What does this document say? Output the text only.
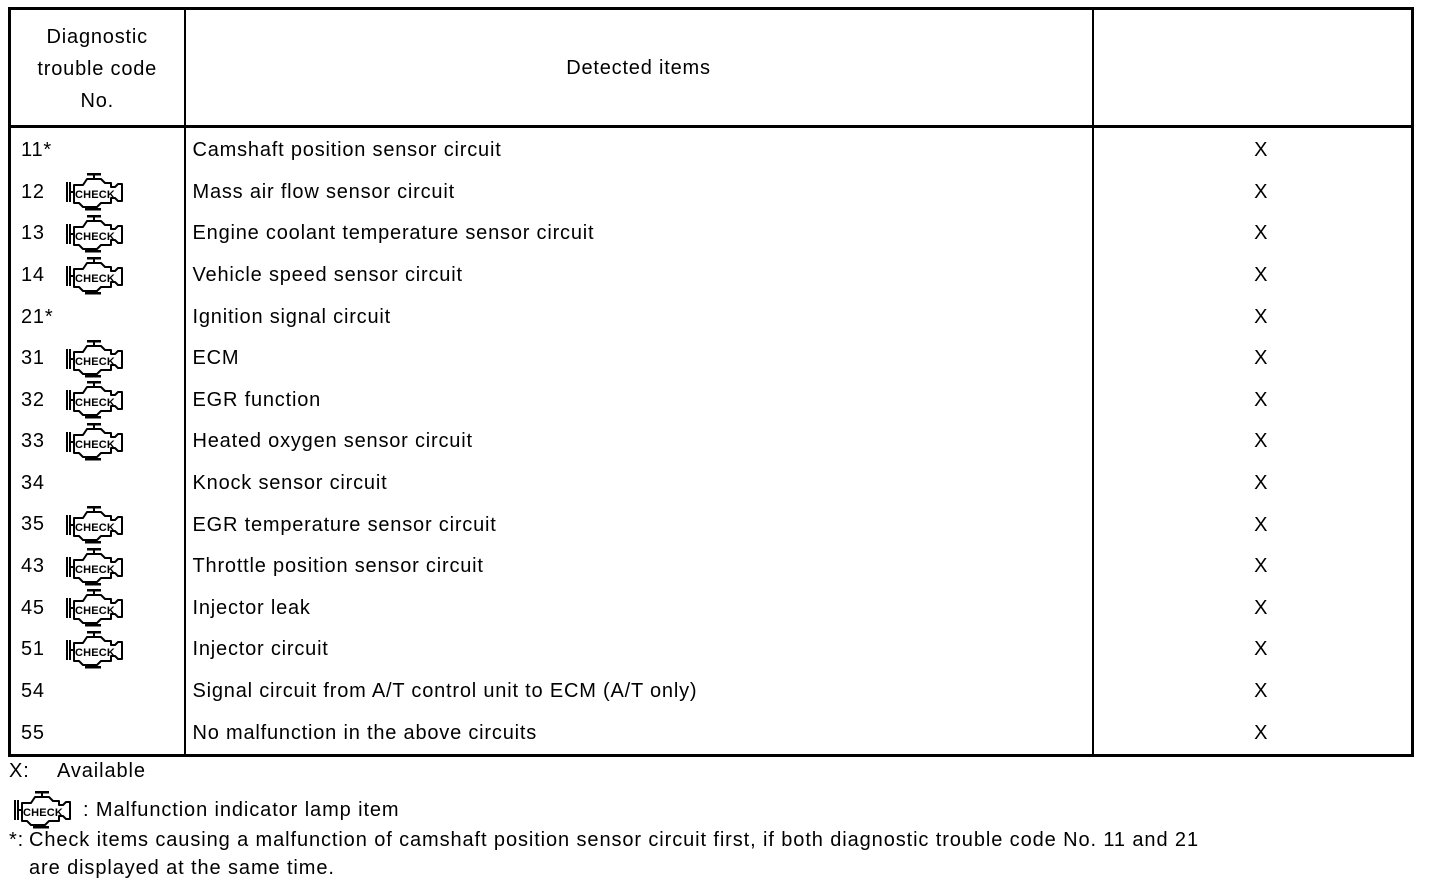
Diagnostic
trouble code
No.	Detected items	
11*	Camshaft position sensor circuit	X
12	Mass air flow sensor circuit	X
13	Engine coolant temperature sensor circuit	X
14	Vehicle speed sensor circuit	X
21*	Ignition signal circuit	X
31	ECM	X
32	EGR function	X
33	Heated oxygen sensor circuit	X
34	Knock sensor circuit	X
35	EGR temperature sensor circuit	X
43	Throttle position sensor circuit	X
45	Injector leak	X
51	Injector circuit	X
54	Signal circuit from A/T control unit to ECM (A/T only)	X
55	No malfunction in the above circuits	X
X: Available
: Malfunction indicator lamp item
*: Check items causing a malfunction of camshaft position sensor circuit first, if both diagnostic trouble code No. 11 and 21
are displayed at the same time.
